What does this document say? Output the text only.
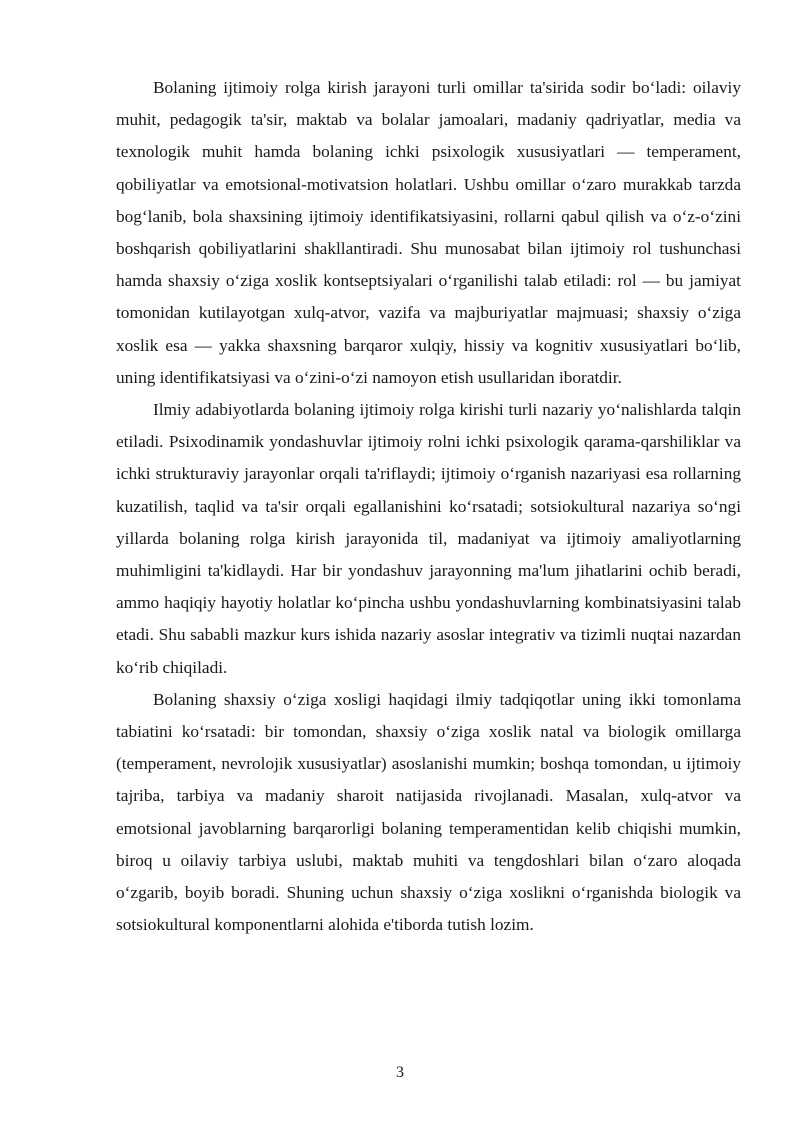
Bolaning ijtimoiy rolga kirish jarayoni turli omillar ta'sirida sodir bo‘ladi: oilaviy muhit, pedagogik ta'sir, maktab va bolalar jamoalari, madaniy qadriyatlar, media va texnologik muhit hamda bolaning ichki psixologik xususiyatlari — temperament, qobiliyatlar va emotsional-motivatsion holatlari. Ushbu omillar o‘zaro murakkab tarzda bog‘lanib, bola shaxsining ijtimoiy identifikatsiyasini, rollarni qabul qilish va o‘z-o‘zini boshqarish qobiliyatlarini shakllantiradi. Shu munosabat bilan ijtimoiy rol tushunchasi hamda shaxsiy o‘ziga xoslik kontseptsiyalari o‘rganilishi talab etiladi: rol — bu jamiyat tomonidan kutilayotgan xulq-atvor, vazifa va majburiyatlar majmuasi; shaxsiy o‘ziga xoslik esa — yakka shaxsning barqaror xulqiy, hissiy va kognitiv xususiyatlari bo‘lib, uning identifikatsiyasi va o‘zini-o‘zi namoyon etish usullaridan iboratdir.

Ilmiy adabiyotlarda bolaning ijtimoiy rolga kirishi turli nazariy yo‘nalishlarda talqin etiladi. Psixodinamik yondashuvlar ijtimoiy rolni ichki psixologik qarama-qarshiliklar va ichki strukturaviy jarayonlar orqali ta'riflaydi; ijtimoiy o‘rganish nazariyasi esa rollarning kuzatilish, taqlid va ta'sir orqali egallanishini ko‘rsatadi; sotsiokultural nazariya so‘ngi yillarda bolaning rolga kirish jarayonida til, madaniyat va ijtimoiy amaliyotlarning muhimligini ta'kidlaydi. Har bir yondashuv jarayonning ma'lum jihatlarini ochib beradi, ammo haqiqiy hayotiy holatlar ko‘pincha ushbu yondashuvlarning kombinatsiyasini talab etadi. Shu sababli mazkur kurs ishida nazariy asoslar integrativ va tizimli nuqtai nazardan ko‘rib chiqiladi.

Bolaning shaxsiy o‘ziga xosligi haqidagi ilmiy tadqiqotlar uning ikki tomonlama tabiatini ko‘rsatadi: bir tomondan, shaxsiy o‘ziga xoslik natal va biologik omillarga (temperament, nevrolojik xususiyatlar) asoslanishi mumkin; boshqa tomondan, u ijtimoiy tajriba, tarbiya va madaniy sharoit natijasida rivojlanadi. Masalan, xulq-atvor va emotsional javoblarning barqarorligi bolaning temperamentidan kelib chiqishi mumkin, biroq u oilaviy tarbiya uslubi, maktab muhiti va tengdoshlari bilan o‘zaro aloqada o‘zgarib, boyib boradi. Shuning uchun shaxsiy o‘ziga xoslikni o‘rganishda biologik va sotsiokultural komponentlarni alohida e'tiborda tutish lozim.

3
